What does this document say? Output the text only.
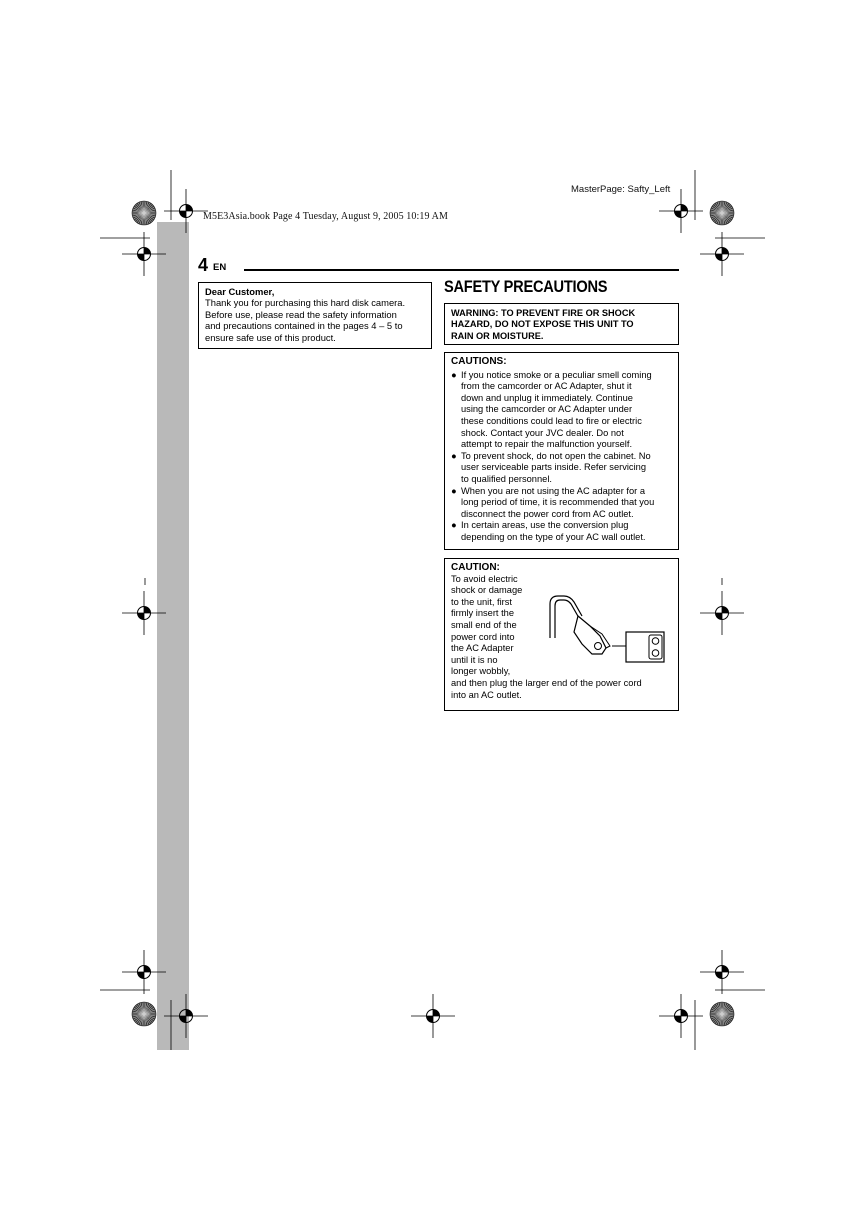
MasterPage: Safty_Left
M5E3Asia.book Page 4 Tuesday, August 9, 2005 10:19 AM
4 EN
Dear Customer,
Thank you for purchasing this hard disk camera.
Before use, please read the safety information
and precautions contained in the pages 4 – 5 to
ensure safe use of this product.
SAFETY PRECAUTIONS
WARNING: TO PREVENT FIRE OR SHOCK
HAZARD, DO NOT EXPOSE THIS UNIT TO
RAIN OR MOISTURE.
CAUTIONS:
● If you notice smoke or a peculiar smell coming
from the camcorder or AC Adapter, shut it
down and unplug it immediately. Continue
using the camcorder or AC Adapter under
these conditions could lead to fire or electric
shock. Contact your JVC dealer. Do not
attempt to repair the malfunction yourself.
● To prevent shock, do not open the cabinet. No
user serviceable parts inside. Refer servicing
to qualified personnel.
● When you are not using the AC adapter for a
long period of time, it is recommended that you
disconnect the power cord from AC outlet.
● In certain areas, use the conversion plug
depending on the type of your AC wall outlet.
CAUTION:
To avoid electric
shock or damage
to the unit, first
firmly insert the
small end of the
power cord into
the AC Adapter
until it is no
longer wobbly,
and then plug the larger end of the power cord
into an AC outlet.
